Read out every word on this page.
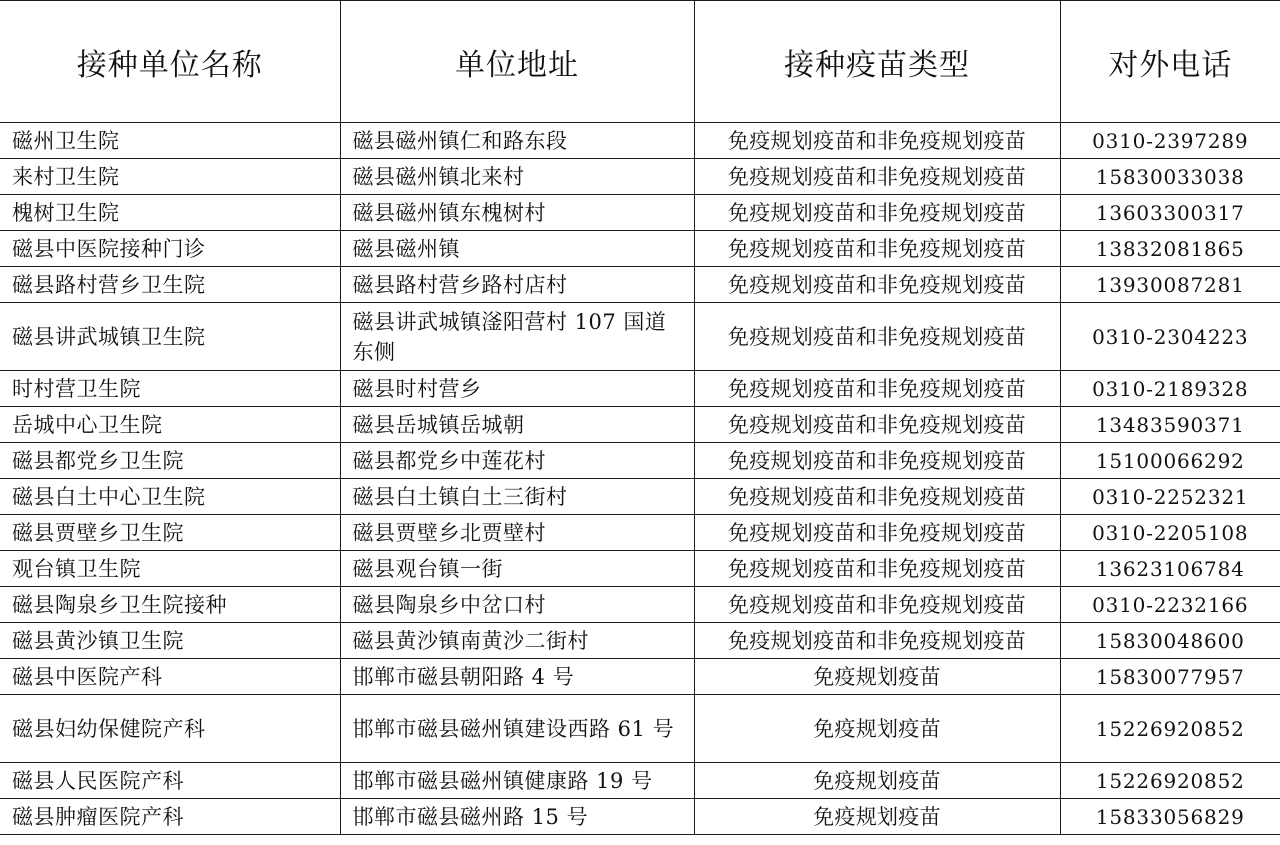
接种单位名称	单位地址	接种疫苗类型	对外电话
磁州卫生院	磁县磁州镇仁和路东段	免疫规划疫苗和非免疫规划疫苗	0310-2397289
来村卫生院	磁县磁州镇北来村	免疫规划疫苗和非免疫规划疫苗	15830033038
槐树卫生院	磁县磁州镇东槐树村	免疫规划疫苗和非免疫规划疫苗	13603300317
磁县中医院接种门诊	磁县磁州镇	免疫规划疫苗和非免疫规划疫苗	13832081865
磁县路村营乡卫生院	磁县路村营乡路村店村	免疫规划疫苗和非免疫规划疫苗	13930087281
磁县讲武城镇卫生院	磁县讲武城镇滏阳营村 107 国道东侧	免疫规划疫苗和非免疫规划疫苗	0310-2304223
时村营卫生院	磁县时村营乡	免疫规划疫苗和非免疫规划疫苗	0310-2189328
岳城中心卫生院	磁县岳城镇岳城朝	免疫规划疫苗和非免疫规划疫苗	13483590371
磁县都党乡卫生院	磁县都党乡中莲花村	免疫规划疫苗和非免疫规划疫苗	15100066292
磁县白土中心卫生院	磁县白土镇白土三街村	免疫规划疫苗和非免疫规划疫苗	0310-2252321
磁县贾壁乡卫生院	磁县贾壁乡北贾壁村	免疫规划疫苗和非免疫规划疫苗	0310-2205108
观台镇卫生院	磁县观台镇一街	免疫规划疫苗和非免疫规划疫苗	13623106784
磁县陶泉乡卫生院接种	磁县陶泉乡中岔口村	免疫规划疫苗和非免疫规划疫苗	0310-2232166
磁县黄沙镇卫生院	磁县黄沙镇南黄沙二街村	免疫规划疫苗和非免疫规划疫苗	15830048600
磁县中医院产科	邯郸市磁县朝阳路 4 号	免疫规划疫苗	15830077957
磁县妇幼保健院产科	邯郸市磁县磁州镇建设西路 61 号	免疫规划疫苗	15226920852
磁县人民医院产科	邯郸市磁县磁州镇健康路 19 号	免疫规划疫苗	15226920852
磁县肿瘤医院产科	邯郸市磁县磁州路 15 号	免疫规划疫苗	15833056829
